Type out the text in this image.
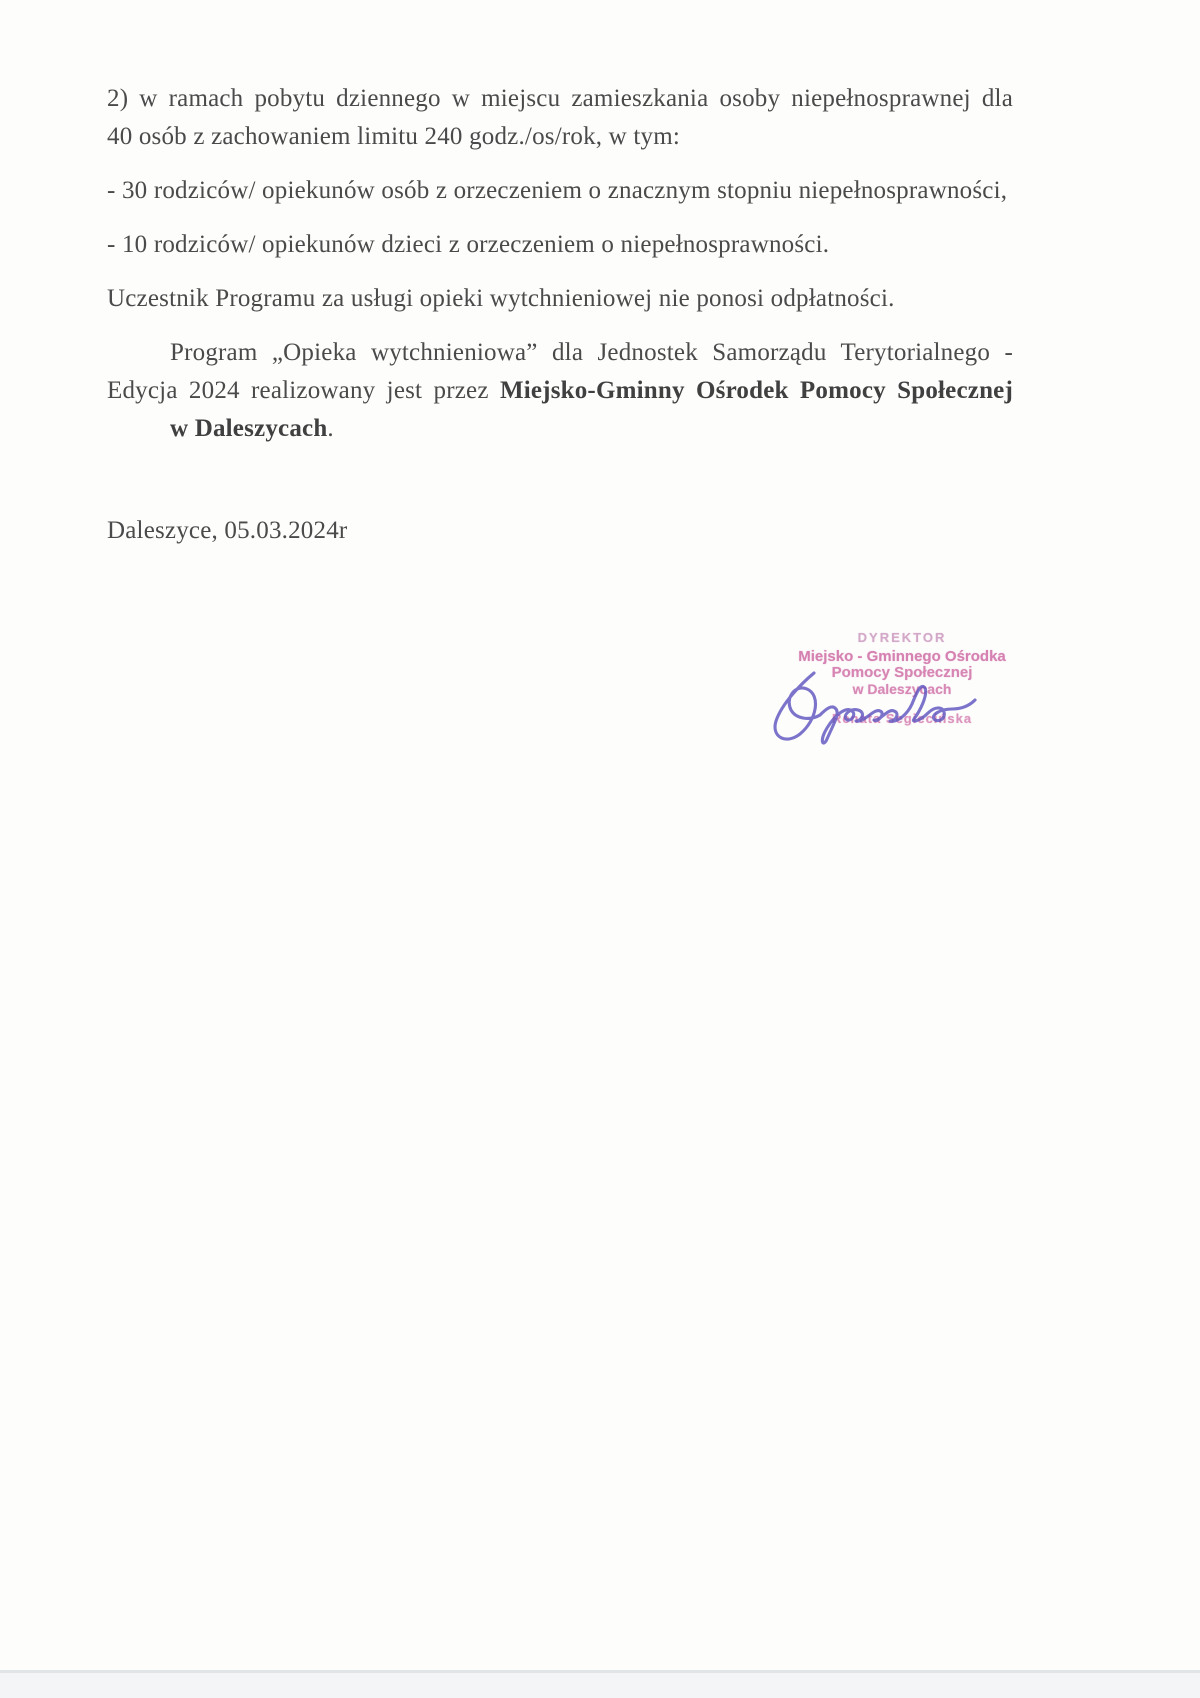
2) w ramach pobytu dziennego w miejscu zamieszkania osoby niepełnosprawnej dla 40 osób z zachowaniem limitu 240 godz./os/rok, w tym:

- 30 rodziców/ opiekunów osób z orzeczeniem o znacznym stopniu niepełnosprawności,

- 10 rodziców/ opiekunów dzieci z orzeczeniem o niepełnosprawności.

Uczestnik Programu za usługi opieki wytchnieniowej nie ponosi odpłatności.

Program „Opieka wytchnieniowa” dla Jednostek Samorządu Terytorialnego - Edycja 2024 realizowany jest przez Miejsko-Gminny Ośrodek Pomocy Społecznej w Daleszycach.

Daleszyce, 05.03.2024r

DYREKTOR
Miejsko - Gminnego Ośrodka
Pomocy Społecznej
w Daleszycach
Renata Segiecińska
